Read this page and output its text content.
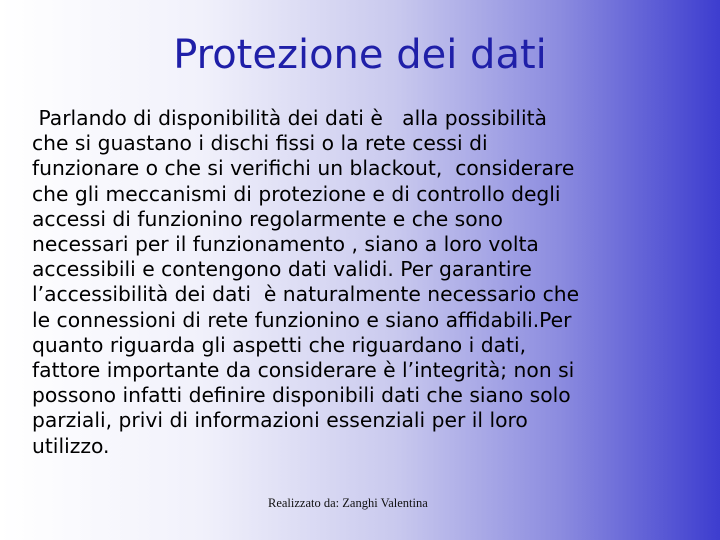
Protezione dei dati
Parlando di disponibilità dei dati è   alla possibilità
che si guastano i dischi fissi o la rete cessi di
funzionare o che si verifichi un blackout,  considerare
che gli meccanismi di protezione e di controllo degli
accessi di funzionino regolarmente e che sono
necessari per il funzionamento , siano a loro volta
accessibili e contengono dati validi. Per garantire
l’accessibilità dei dati  è naturalmente necessario che
le connessioni di rete funzionino e siano affidabili.Per
quanto riguarda gli aspetti che riguardano i dati,
fattore importante da considerare è l’integrità; non si
possono infatti definire disponibili dati che siano solo
parziali, privi di informazioni essenziali per il loro
utilizzo.
Realizzato da: Zanghi Valentina
